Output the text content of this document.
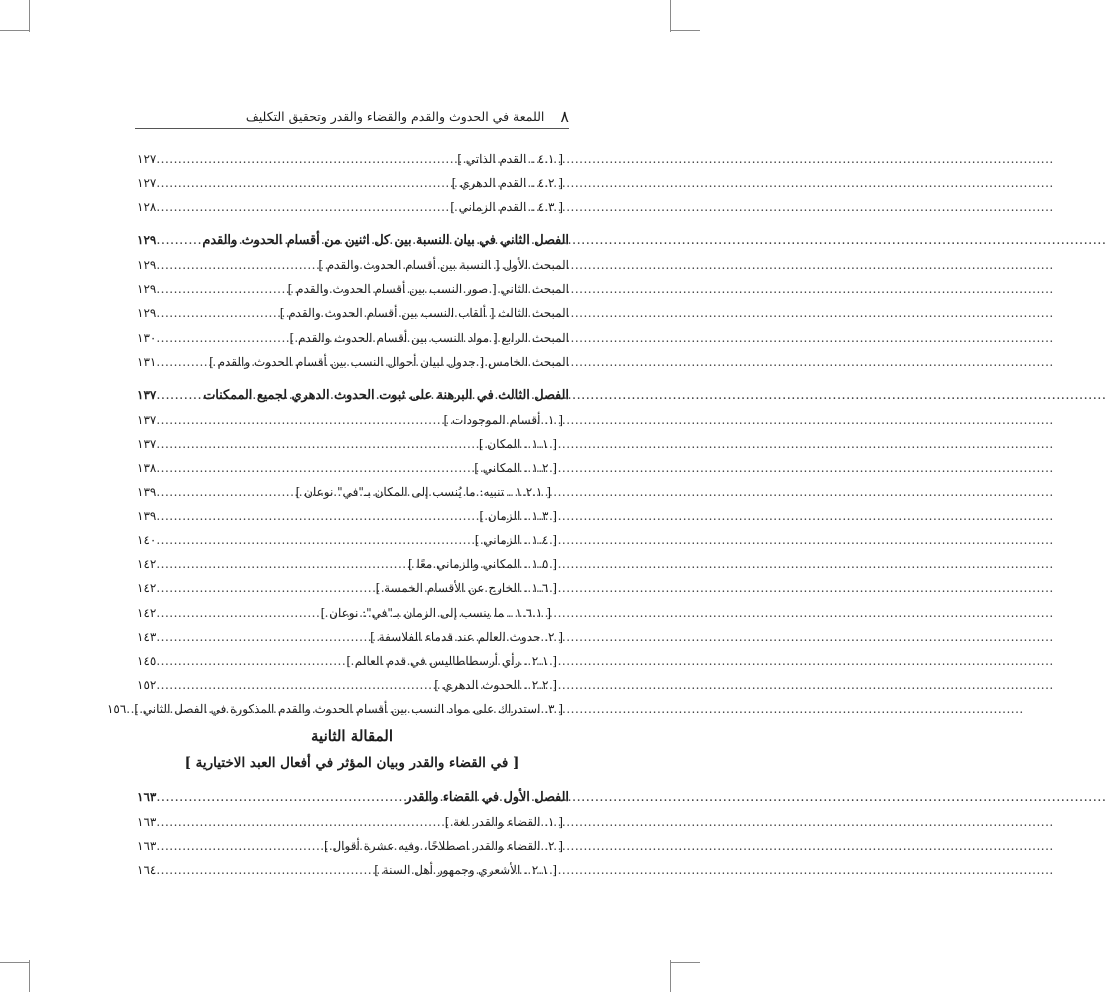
٨
اللمعة في الحدوث والقدم والقضاء والقدر وتحقيق التكليف
[ ٤.١ . القدم الذاتي ]
.....
١٢٧
[ ٤.٢ . القدم الدهري ]
.....
١٢٧
[ ٤.٣ . القدم الزماني ]
.....
١٢٨
الفصل الثاني في بيان النسبة بين كل اثنين من أقسام الحدوث والقدم
.....
١٢٩
المبحث الأول [ النسبة بين أقسام الحدوث والقدم ]
.....
١٢٩
المبحث الثاني [ صور النسب بين أقسام الحدوث والقدم ]
.....
١٢٩
المبحث الثالث [ ألقاب النسب بين أقسام الحدوث والقدم ]
.....
١٢٩
المبحث الرابع [ مواد النسب بين أقسام الحدوث والقدم ]
.....
١٣٠
المبحث الخامس [ جدول لبيان أحوال النسب بين أقسام الحدوث والقدم ]
.....
١٣١
الفصل الثالث في البرهنة على ثبوت الحدوث الدهري لجميع الممكنات
.....
١٣٧
[ ١. أقسام الموجودات ]
.....
١٣٧
[ ١.١ . المكان ]
.....
١٣٧
[ ١.٢ . المكاني ]
.....
١٣٨
[ ١.٢.١ . تنبيه: ما يُنسب إلى المكان بـ"في" نوعان ]
.....
١٣٩
[ ١.٣ . الزمان ]
.....
١٣٩
[ ١.٤ . الزماني ]
.....
١٤٠
[ ١.٥ . المكاني والزماني معًا ]
.....
١٤٢
[ ١.٦ . الخارج عن الأقسام الخمسة ]
.....
١٤٢
[ ١.٦.١ . ما ينسب إلى الزمان بـ"في": نوعان ]
.....
١٤٢
[ ٢. حدوث العالم عند قدماء الفلاسفة ]
.....
١٤٣
[ ٢.١ . رأي أرسطاطاليس في قدم العالم ]
.....
١٤٥
[ ٢.٢ . الحدوث الدهري ]
.....
١٥٢
[ ٣. استدراك على مواد النسب بين أقسام الحدوث والقدم المذكورة في الفصل الثاني ]
.....
١٥٦
المقالة الثانية
[ في القضاء والقدر وبيان المؤثر في أفعال العبد الاختيارية ]
الفصل الأول في القضاء والقدر
.....
١٦٣
[ ١. القضاء والقدر لغة ]
.....
١٦٣
[ ٢. القضاء والقدر اصطلاحًا، وفيه عشرة أقوال ]
.....
١٦٣
[ ٢.١ . الأشعري وجمهور أهل السنة ]
.....
١٦٤
